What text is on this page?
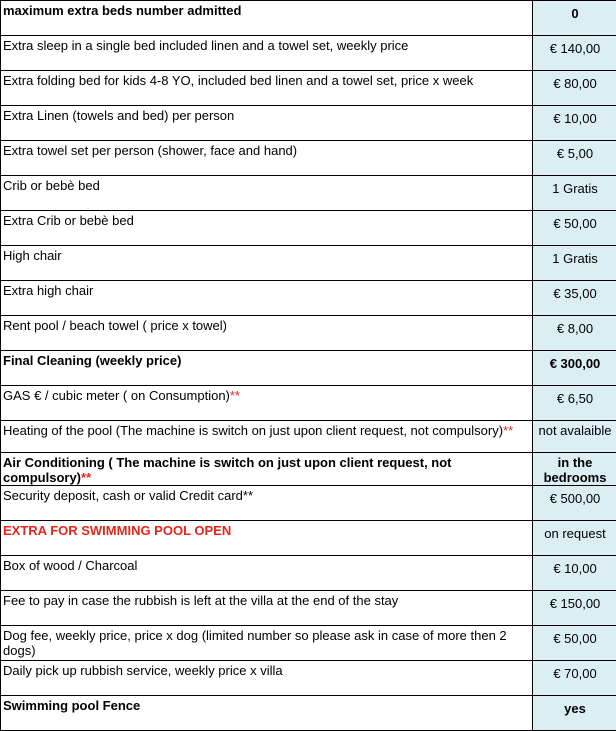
maximum extra beds number admitted	0
Extra sleep in a single bed included linen and a towel set, weekly price	€ 140,00
Extra folding bed for kids 4-8 YO, included bed linen and a towel set, price x week	€ 80,00
Extra Linen (towels and bed) per person	€ 10,00
Extra towel set per person (shower, face and hand)	€ 5,00
Crib or bebè bed	1 Gratis
Extra Crib or bebè bed	€ 50,00
High chair	1 Gratis
Extra high chair	€ 35,00
Rent pool / beach towel ( price x towel)	€ 8,00
Final Cleaning (weekly price)	€ 300,00
GAS € / cubic meter ( on Consumption)**	€ 6,50
Heating of the pool (The machine is switch on just upon client request, not compulsory)**	not avalaible
Air Conditioning ( The machine is switch on just upon client request, not compulsory)**	in the bedrooms
Security deposit, cash or valid Credit card**	€ 500,00
EXTRA FOR SWIMMING POOL OPEN	on request
Box of wood / Charcoal	€ 10,00
Fee to pay in case the rubbish is left at the villa at the end of the stay	€ 150,00
Dog fee, weekly price, price x dog (limited number so please ask in case of more then 2 dogs)	€ 50,00
Daily pick up rubbish service, weekly price x villa	€ 70,00
Swimming pool Fence	yes
